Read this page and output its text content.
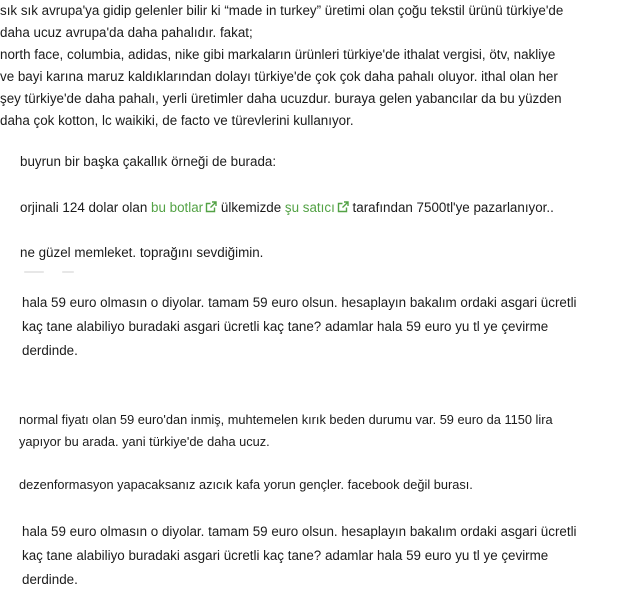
sık sık avrupa'ya gidip gelenler bilir ki “made in turkey” üretimi olan çoğu tekstil ürünü türkiye'de

daha ucuz avrupa'da daha pahalıdır. fakat;

north face, columbia, adidas, nike gibi markaların ürünleri türkiye'de ithalat vergisi, ötv, nakliye

ve bayi karına maruz kaldıklarından dolayı türkiye'de çok çok daha pahalı oluyor. ithal olan her

şey türkiye'de daha pahalı, yerli üretimler daha ucuzdur. buraya gelen yabancılar da bu yüzden

daha çok kotton, lc waikiki, de facto ve türevlerini kullanıyor.

buyrun bir başka çakallık örneği de burada:

orjinali 124 dolar olan bu botlar ülkemizde şu satıcı tarafından 7500tl'ye pazarlanıyor..

ne güzel memleket. toprağını sevdiğimin.

hala 59 euro olmasın o diyolar. tamam 59 euro olsun. hesaplayın bakalım ordaki asgari ücretli
kaç tane alabiliyo buradaki asgari ücretli kaç tane? adamlar hala 59 euro yu tl ye çevirme
derdinde.
normal fiyatı olan 59 euro'dan inmiş, muhtemelen kırık beden durumu var. 59 euro da 1150 lira
yapıyor bu arada. yani türkiye'de daha ucuz.

dezenformasyon yapacaksanız azıcık kafa yorun gençler. facebook değil burası.

hala 59 euro olmasın o diyolar. tamam 59 euro olsun. hesaplayın bakalım ordaki asgari ücretli
kaç tane alabiliyo buradaki asgari ücretli kaç tane? adamlar hala 59 euro yu tl ye çevirme
derdinde.
